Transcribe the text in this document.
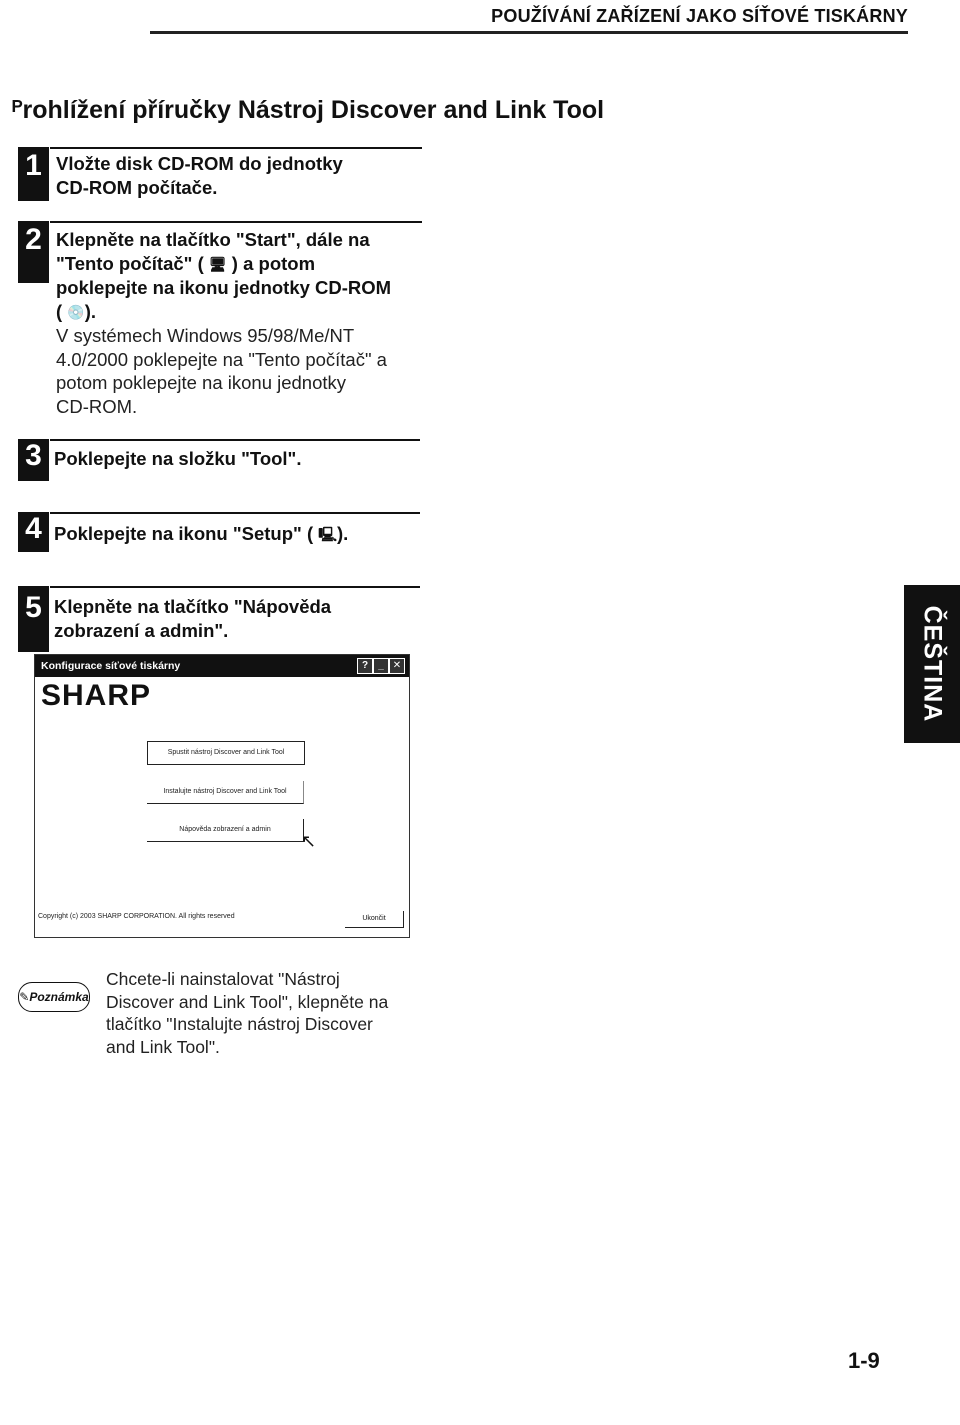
POUŽÍVÁNÍ ZAŘÍZENÍ JAKO SÍŤOVÉ TISKÁRNY
ᴾrohlížení příručky Nástroj Discover and Link Tool
1 Vložte disk CD-ROM do jednotky
CD-ROM počítače.
2 Klepněte na tlačítko "Start", dále na
"Tento počítač" ( 🖥 ) a potom
poklepejte na ikonu jednotky CD-ROM
( 💿).
V systémech Windows 95/98/Me/NT
4.0/2000 poklepejte na "Tento počítač" a
potom poklepejte na ikonu jednotky
CD-ROM.
3 Poklepejte na složku "Tool".
4 Poklepejte na ikonu "Setup" ( 🖳).
5 Klepněte na tlačítko "Nápověda
zobrazení a admin".
Konfigurace síťové tiskárny	?	_ ✕
SHARP
Spustit nástroj Discover and Link Tool
Instalujte nástroj Discover and Link Tool
Nápověda zobrazení a admin
↖
Copyright (c) 2003 SHARP CORPORATION. All rights reserved	Ukončit
ČEŠTINA
✎Poznámka
Chcete-li nainstalovat "Nástroj
Discover and Link Tool", klepněte na
tlačítko "Instalujte nástroj Discover
and Link Tool".
1-9
